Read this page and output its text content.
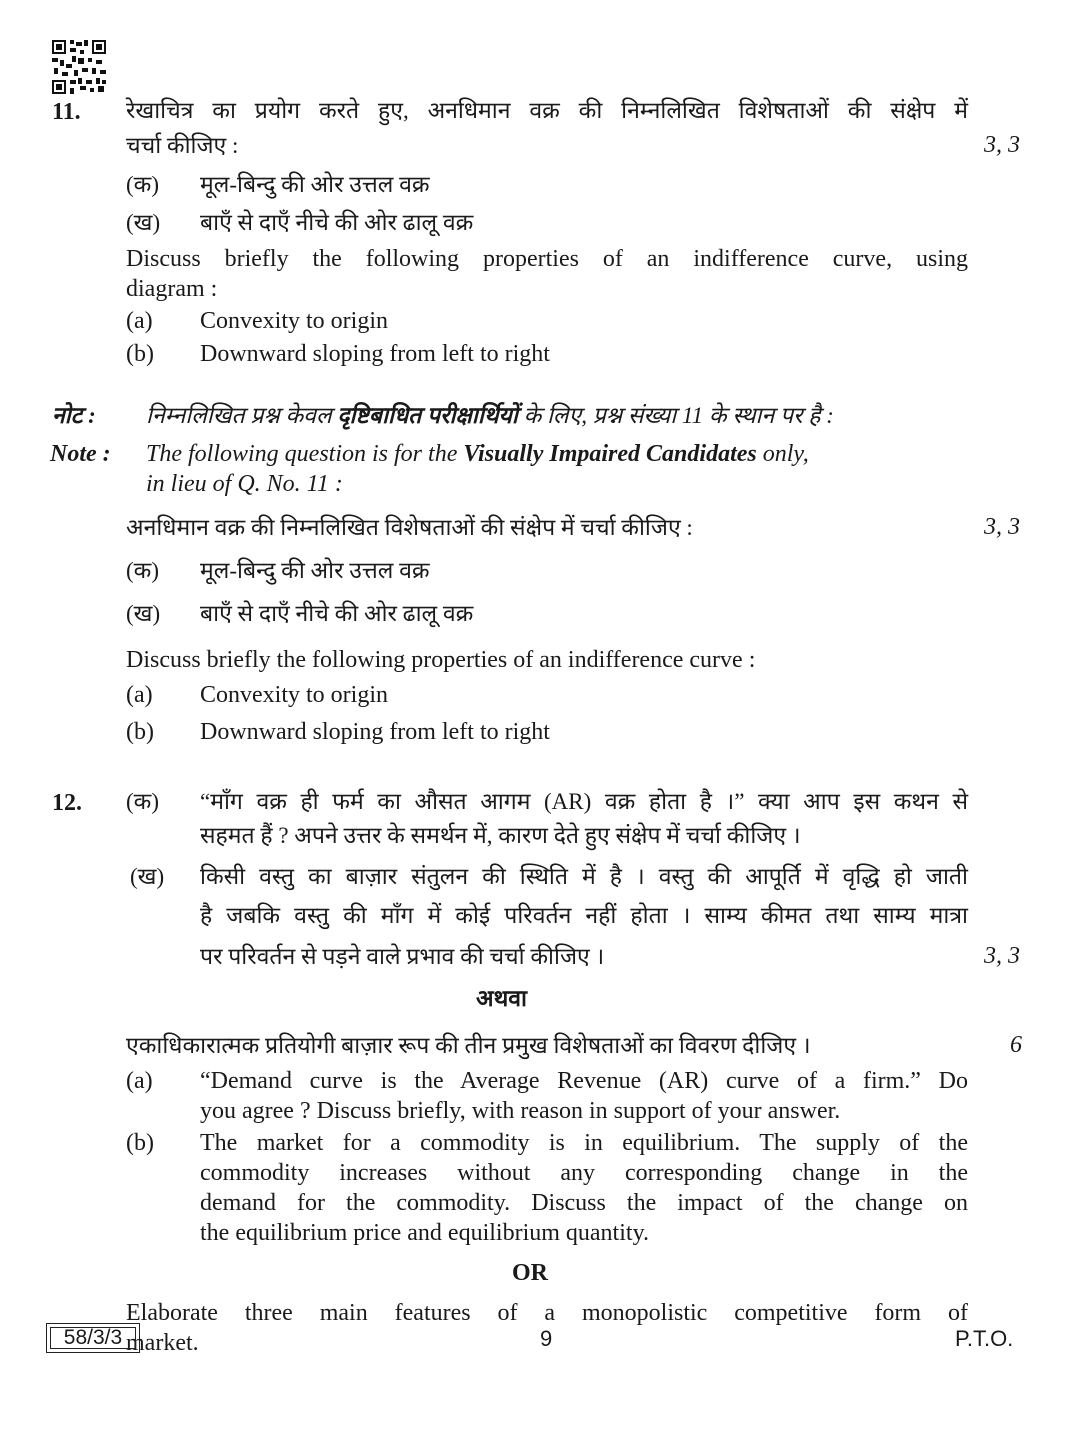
11. रेखाचित्र का प्रयोग करते हुए, अनधिमान वक्र की निम्नलिखित विशेषताओं की संक्षेप में
चर्चा कीजिए :	3, 3
(क) मूल-बिन्दु की ओर उत्तल वक्र
(ख) बाएँ से दाएँ नीचे की ओर ढालू वक्र
Discuss briefly the following properties of an indifference curve, using
diagram :
(a) Convexity to origin
(b) Downward sloping from left to right
नोट : निम्नलिखित प्रश्न केवल दृष्टिबाधित परीक्षार्थियों के लिए, प्रश्न संख्या 11 के स्थान पर है :
Note : The following question is for the Visually Impaired Candidates only,
in lieu of Q. No. 11 :
अनधिमान वक्र की निम्नलिखित विशेषताओं की संक्षेप में चर्चा कीजिए :	3, 3
(क) मूल-बिन्दु की ओर उत्तल वक्र
(ख) बाएँ से दाएँ नीचे की ओर ढालू वक्र
Discuss briefly the following properties of an indifference curve :
(a) Convexity to origin
(b) Downward sloping from left to right
12. (क) “माँग वक्र ही फर्म का औसत आगम (AR) वक्र होता है ।” क्या आप इस कथन से
सहमत हैं ? अपने उत्तर के समर्थन में, कारण देते हुए संक्षेप में चर्चा कीजिए ।
(ख) किसी वस्तु का बाज़ार संतुलन की स्थिति में है । वस्तु की आपूर्ति में वृद्धि हो जाती
है जबकि वस्तु की माँग में कोई परिवर्तन नहीं होता । साम्य कीमत तथा साम्य मात्रा
पर परिवर्तन से पड़ने वाले प्रभाव की चर्चा कीजिए ।	3, 3
अथवा
एकाधिकारात्मक प्रतियोगी बाज़ार रूप की तीन प्रमुख विशेषताओं का विवरण दीजिए ।	6
(a) “Demand curve is the Average Revenue (AR) curve of a firm.” Do
you agree ? Discuss briefly, with reason in support of your answer.
(b) The market for a commodity is in equilibrium. The supply of the
commodity increases without any corresponding change in the
demand for the commodity. Discuss the impact of the change on
the equilibrium price and equilibrium quantity.
OR
Elaborate three main features of a monopolistic competitive form of
market.
58/3/3	9	P.T.O.
